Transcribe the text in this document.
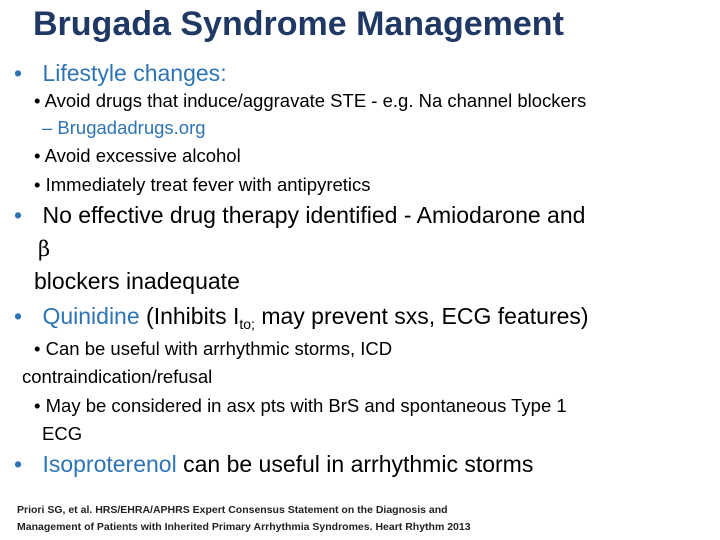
Brugada Syndrome Management
• Lifestyle changes:
• Avoid drugs that induce/aggravate STE - e.g. Na channel blockers
– Brugadadrugs.org
• Avoid excessive alcohol
• Immediately treat fever with antipyretics
• No effective drug therapy identified - Amiodarone and
β
blockers inadequate
• Quinidine (Inhibits $I_{to;}$ may prevent sxs, ECG features)
• Can be useful with arrhythmic storms, ICD
contraindication/refusal
• May be considered in asx pts with BrS and spontaneous Type 1
ECG
• Isoproterenol can be useful in arrhythmic storms
Priori SG, et al. HRS/EHRA/APHRS Expert Consensus Statement on the Diagnosis and
Management of Patients with Inherited Primary Arrhythmia Syndromes. Heart Rhythm 2013
